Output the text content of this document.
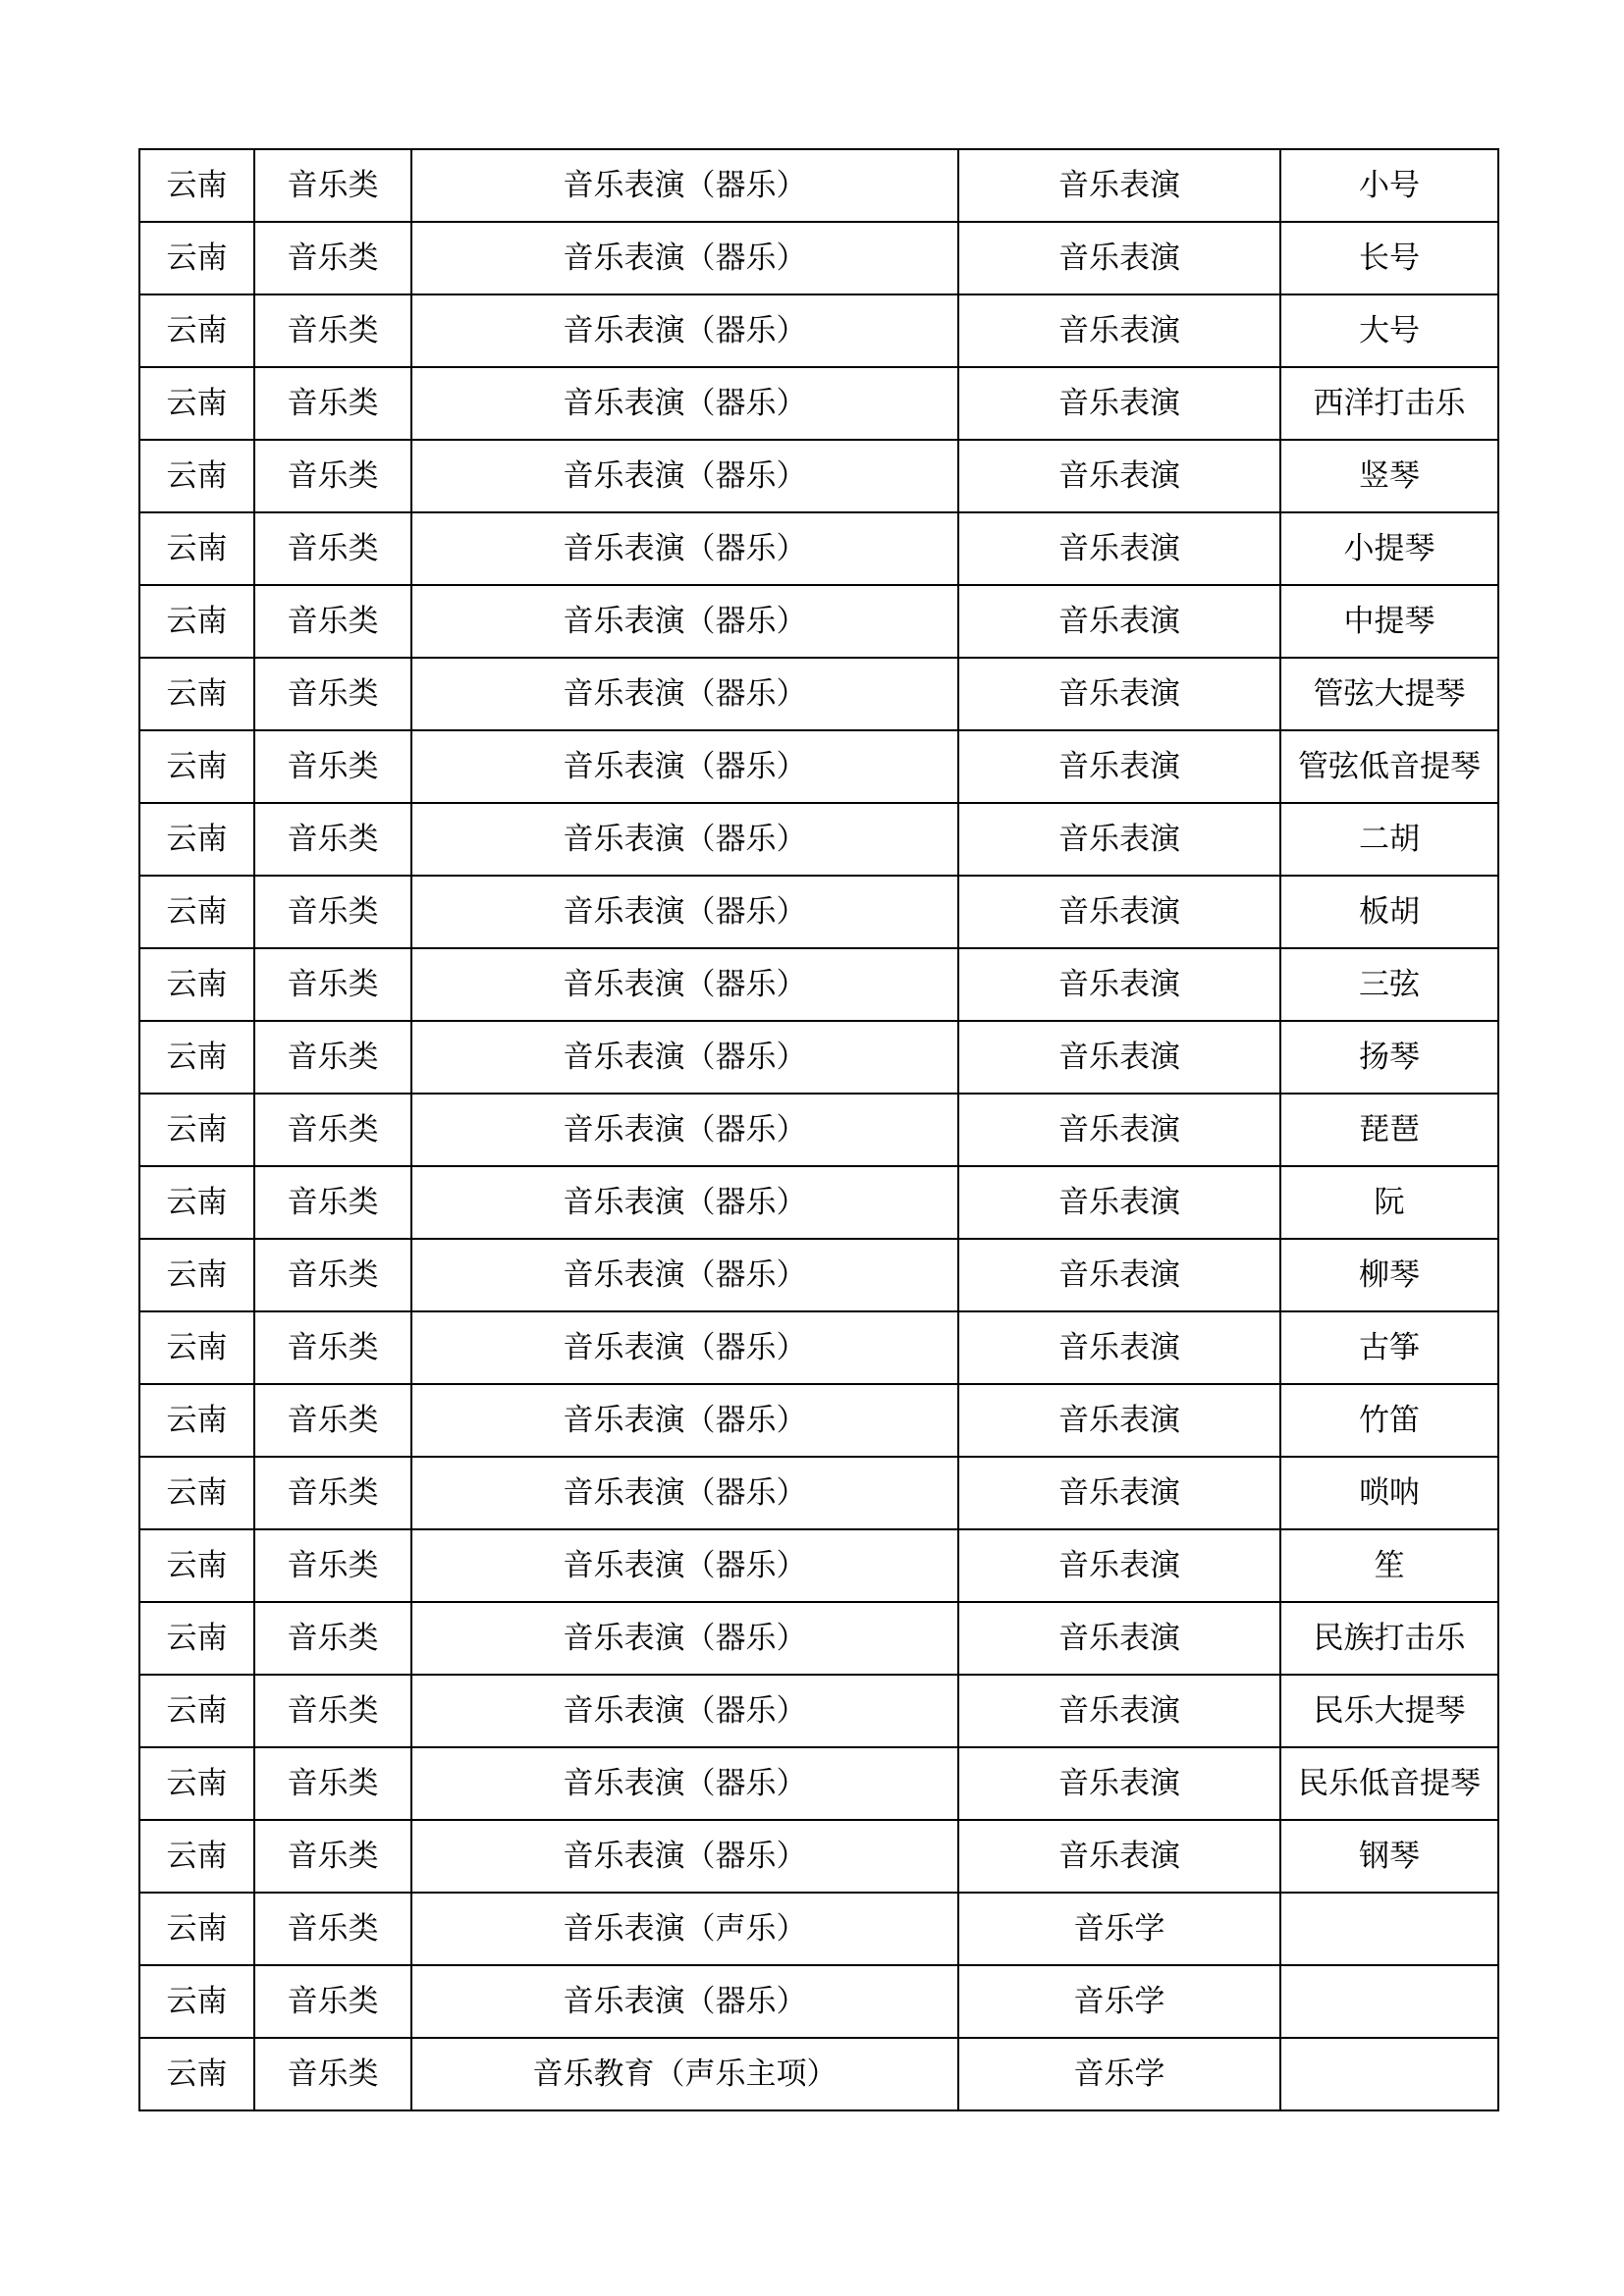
云南	音乐类	音乐表演（器乐）	音乐表演	小号
云南	音乐类	音乐表演（器乐）	音乐表演	长号
云南	音乐类	音乐表演（器乐）	音乐表演	大号
云南	音乐类	音乐表演（器乐）	音乐表演	西洋打击乐
云南	音乐类	音乐表演（器乐）	音乐表演	竖琴
云南	音乐类	音乐表演（器乐）	音乐表演	小提琴
云南	音乐类	音乐表演（器乐）	音乐表演	中提琴
云南	音乐类	音乐表演（器乐）	音乐表演	管弦大提琴
云南	音乐类	音乐表演（器乐）	音乐表演	管弦低音提琴
云南	音乐类	音乐表演（器乐）	音乐表演	二胡
云南	音乐类	音乐表演（器乐）	音乐表演	板胡
云南	音乐类	音乐表演（器乐）	音乐表演	三弦
云南	音乐类	音乐表演（器乐）	音乐表演	扬琴
云南	音乐类	音乐表演（器乐）	音乐表演	琵琶
云南	音乐类	音乐表演（器乐）	音乐表演	阮
云南	音乐类	音乐表演（器乐）	音乐表演	柳琴
云南	音乐类	音乐表演（器乐）	音乐表演	古筝
云南	音乐类	音乐表演（器乐）	音乐表演	竹笛
云南	音乐类	音乐表演（器乐）	音乐表演	唢呐
云南	音乐类	音乐表演（器乐）	音乐表演	笙
云南	音乐类	音乐表演（器乐）	音乐表演	民族打击乐
云南	音乐类	音乐表演（器乐）	音乐表演	民乐大提琴
云南	音乐类	音乐表演（器乐）	音乐表演	民乐低音提琴
云南	音乐类	音乐表演（器乐）	音乐表演	钢琴
云南	音乐类	音乐表演（声乐）	音乐学	
云南	音乐类	音乐表演（器乐）	音乐学	
云南	音乐类	音乐教育（声乐主项）	音乐学	
